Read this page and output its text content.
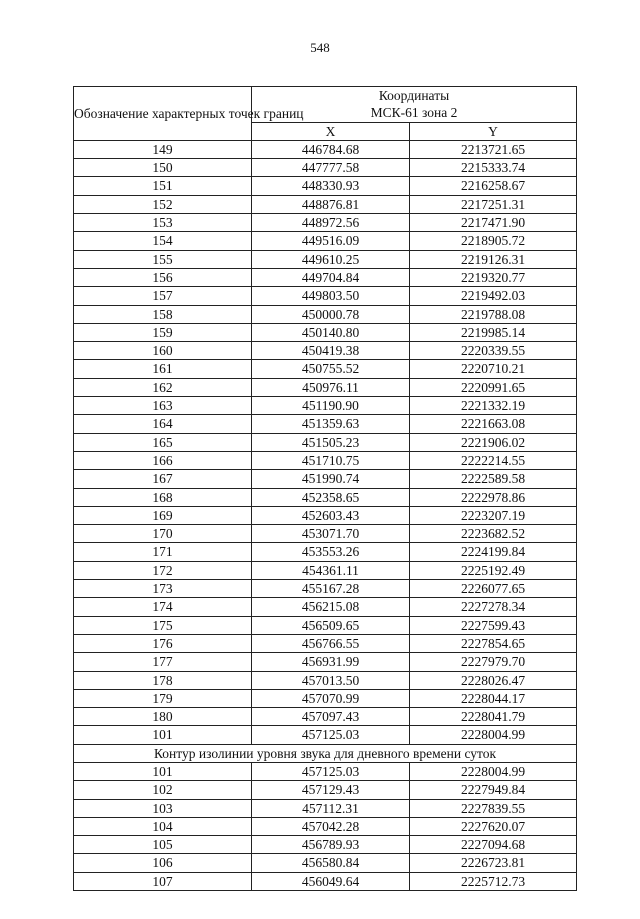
548
Обозначение характерных точек границ	Координаты
МСК-61 зона 2	

	X	Y
149	446784.68	2213721.65
150	447777.58	2215333.74
151	448330.93	2216258.67
152	448876.81	2217251.31
153	448972.56	2217471.90
154	449516.09	2218905.72
155	449610.25	2219126.31
156	449704.84	2219320.77
157	449803.50	2219492.03
158	450000.78	2219788.08
159	450140.80	2219985.14
160	450419.38	2220339.55
161	450755.52	2220710.21
162	450976.11	2220991.65
163	451190.90	2221332.19
164	451359.63	2221663.08
165	451505.23	2221906.02
166	451710.75	2222214.55
167	451990.74	2222589.58
168	452358.65	2222978.86
169	452603.43	2223207.19
170	453071.70	2223682.52
171	453553.26	2224199.84
172	454361.11	2225192.49
173	455167.28	2226077.65
174	456215.08	2227278.34
175	456509.65	2227599.43
176	456766.55	2227854.65
177	456931.99	2227979.70
178	457013.50	2228026.47
179	457070.99	2228044.17
180	457097.43	2228041.79
101	457125.03	2228004.99
Контур изолинии уровня звука для дневного времени суток		
101	457125.03	2228004.99
102	457129.43	2227949.84
103	457112.31	2227839.55
104	457042.28	2227620.07
105	456789.93	2227094.68
106	456580.84	2226723.81
107	456049.64	2225712.73
